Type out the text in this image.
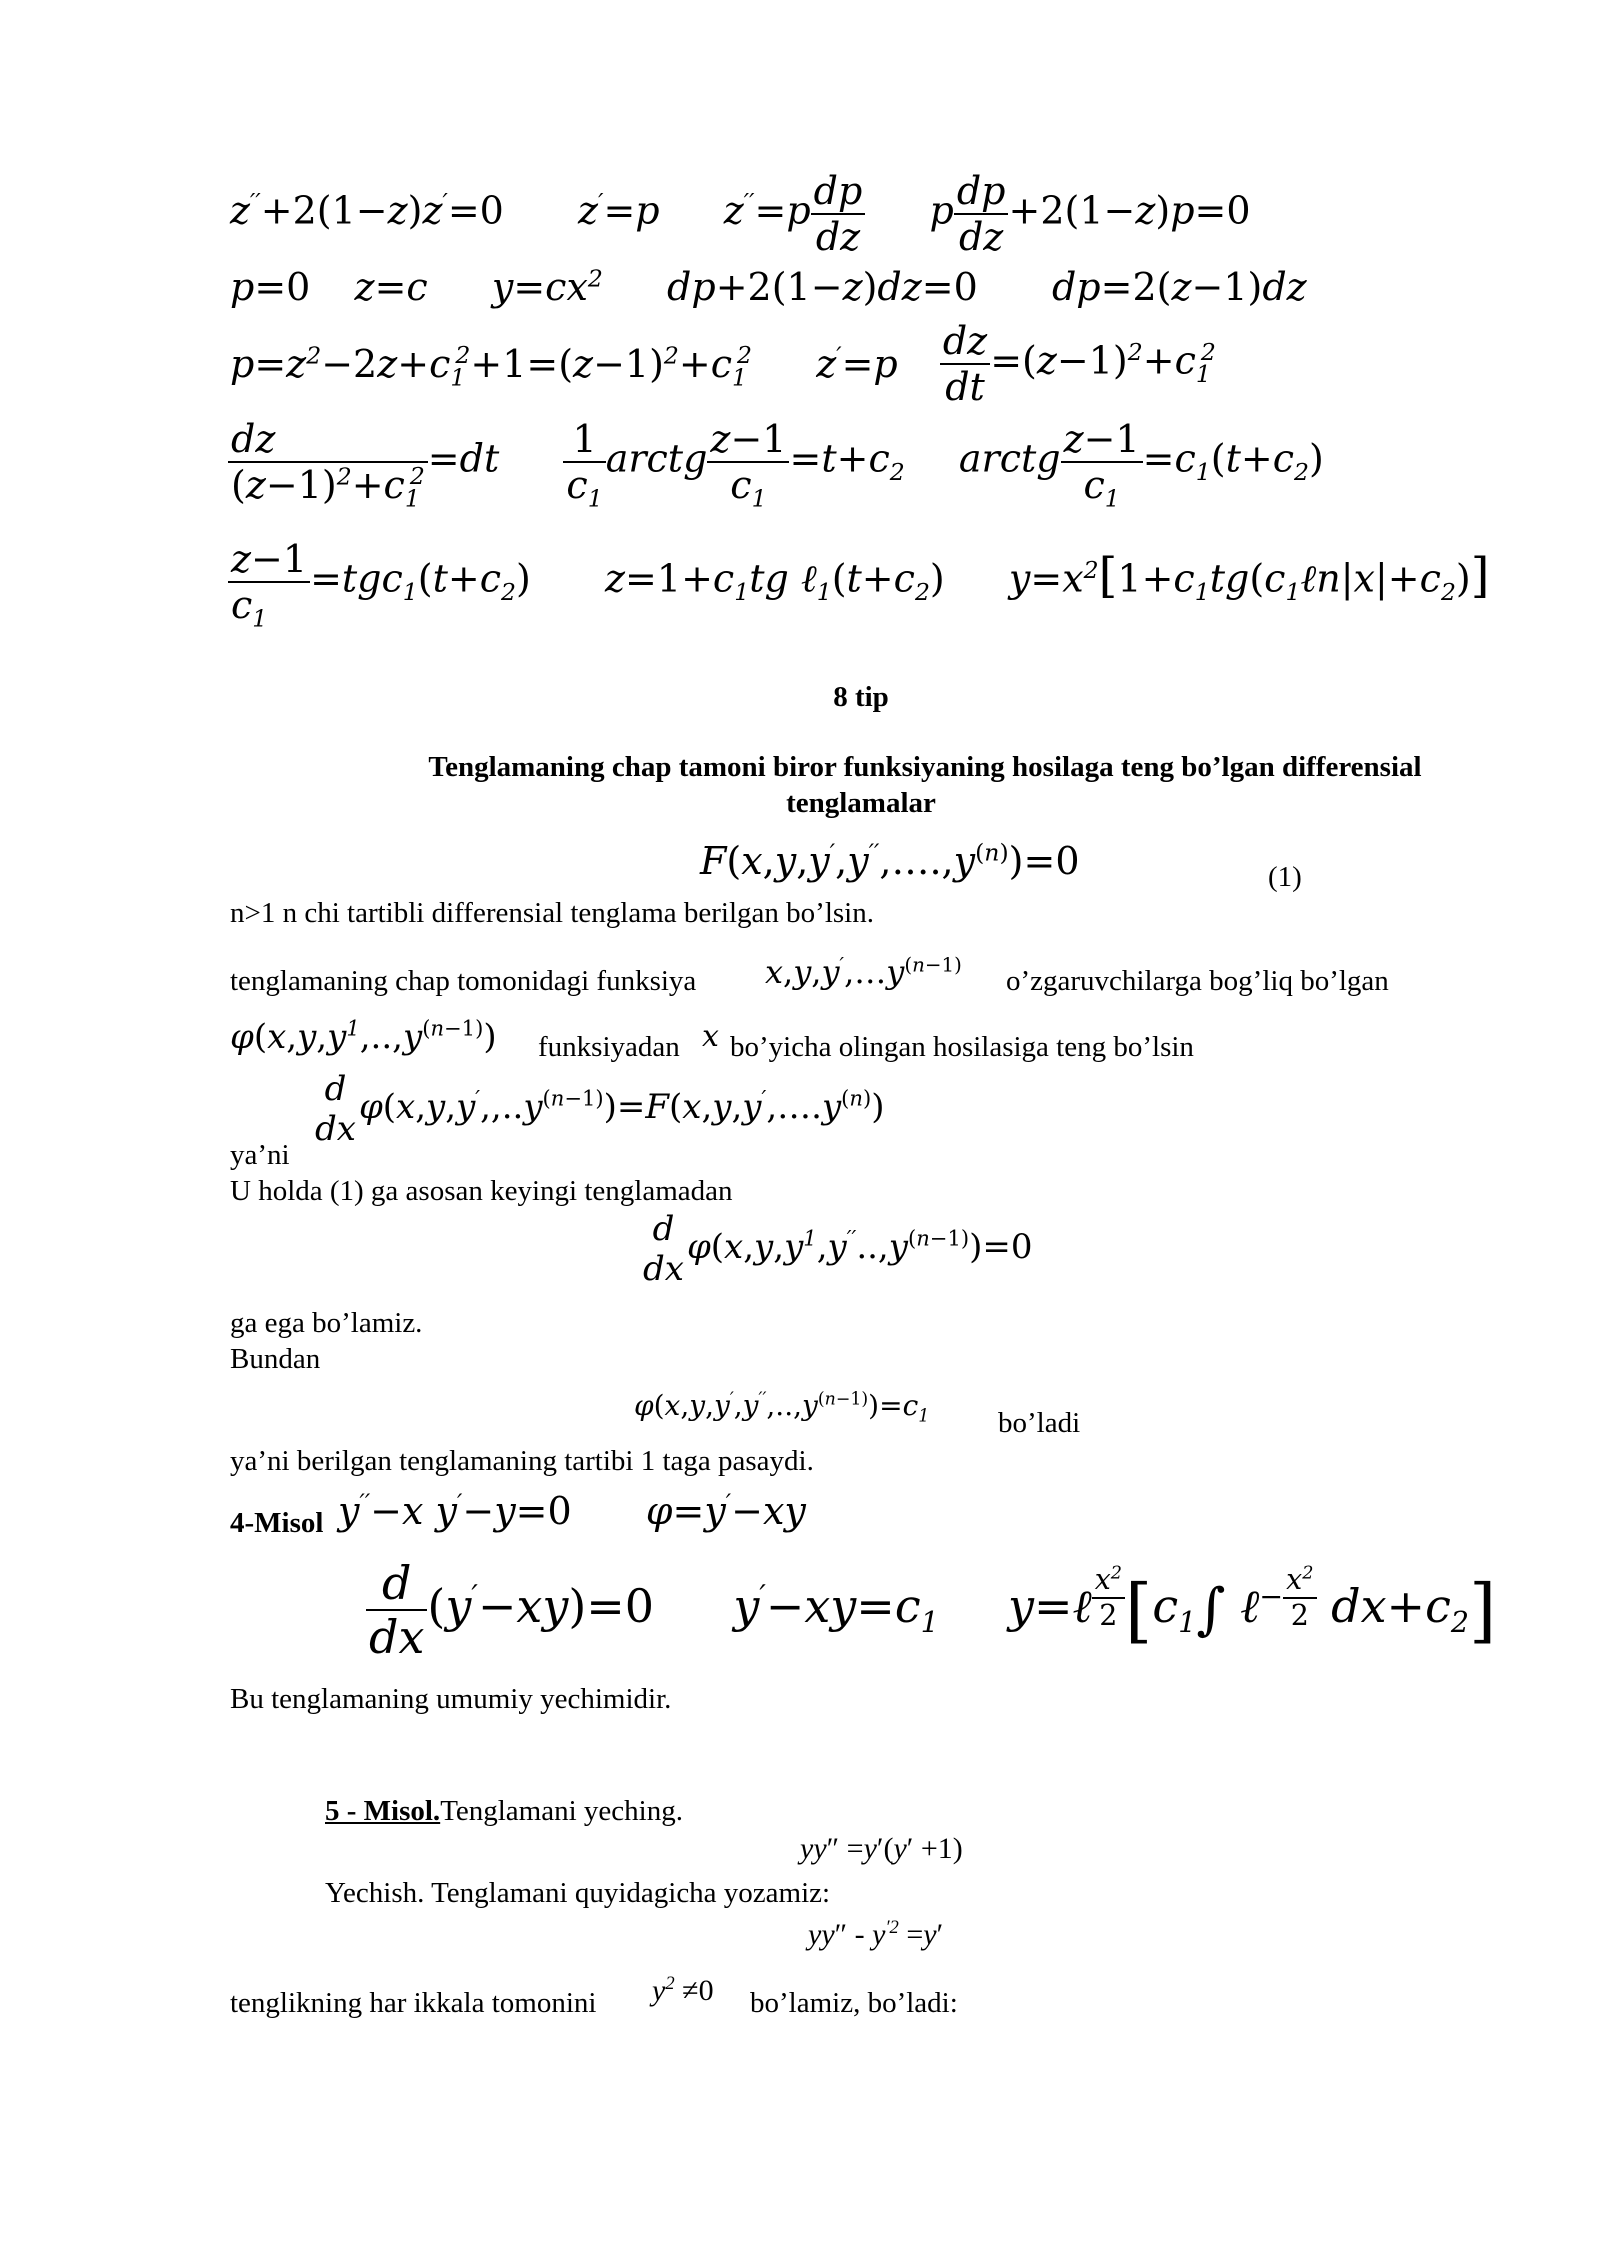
z′′+2(1−z)z′=0  z′=p  $z''=p \frac{dp}{dz}$ p $\frac{dp}{dz} +2(1-z)p=0$
p=0  z=c  $y=cx^2$  dp+2(1−z)dz=0  dp=2(z−1)dz
$p=z^2-2z+c_1^2+1=(z-1)^2+c_1^2$  $z'=p \frac{dz}{dt} =(z-1)^2+c_1^2$
$\frac{dz}{(z-1)^2+c_1^2} =dt \frac{1}{c_1}$ arctg $\frac{z-1}{c_1} =t+c_2$  arctg $\frac{z-1}{c_1} =c_1(t+c_2)$
$\frac{z-1}{c_1} =tgc_1(t+c_2)$  $z=1+c_1tg$ $\ell_1(t+c_2)$  $y=x^2[1+c_1tg(c_1\ell n|x|+c_2)]$
8 tip
Tenglamaning chap tamoni biror funksiyaning hosilaga teng bo’lgan differensial
tenglamalar
$F(x,y,y',y'',\dots.,y^{(n)})=0$	(1)
n>1 n chi tartibli differensial tenglama berilgan bo’lsin.
tenglamaning chap tomonidagi funksiya $x,y,y',\dots y^{(n-1)}$
o’zgaruvchilarga bog’liq bo’lgan
$\varphi(x,y,y^1,..,y^{(n-1)})$ funksiyadan x bo’yicha olingan hosilasiga teng bo’lsin
d
dx
$\varphi(x,y,y',,..y^{(n-1)})=F(x,y,y',\dots.y^{(n)})$
ya’ni
U holda (1) ga asosan keyingi tenglamadan
d
dx
$\varphi(x,y,y^1,y''..,y^{(n-1)})=0$
ga ega bo’lamiz.
Bundan
$\varphi(x,y,y',y'',..,y^{(n-1)})=c_1$ bo’ladi
ya’ni berilgan tenglamaning tartibi 1 taga pasaydi.
4-Misol y′′−x y′−y=0  φ=y′−xy
$\frac{d}{dx} (y'-xy)=0$  $y'-xy=c_1$  y=ℓ $^{\frac{x^2}{2}}$ [$c_1\int$ ℓ$^{- \frac{x^2}{2}}$ $dx+c_2$]
Bu tenglamaning umumiy yechimidir.
5 - Misol.Tenglamani yeching.
yy″ =y′(y′ +1)
Yechish. Tenglamani quyidagicha yozamiz:
$yy'' - y^{'2} =y'$
tenglikning har ikkala tomonini $y^2 \ne 0$ bo’lamiz, bo’ladi:
